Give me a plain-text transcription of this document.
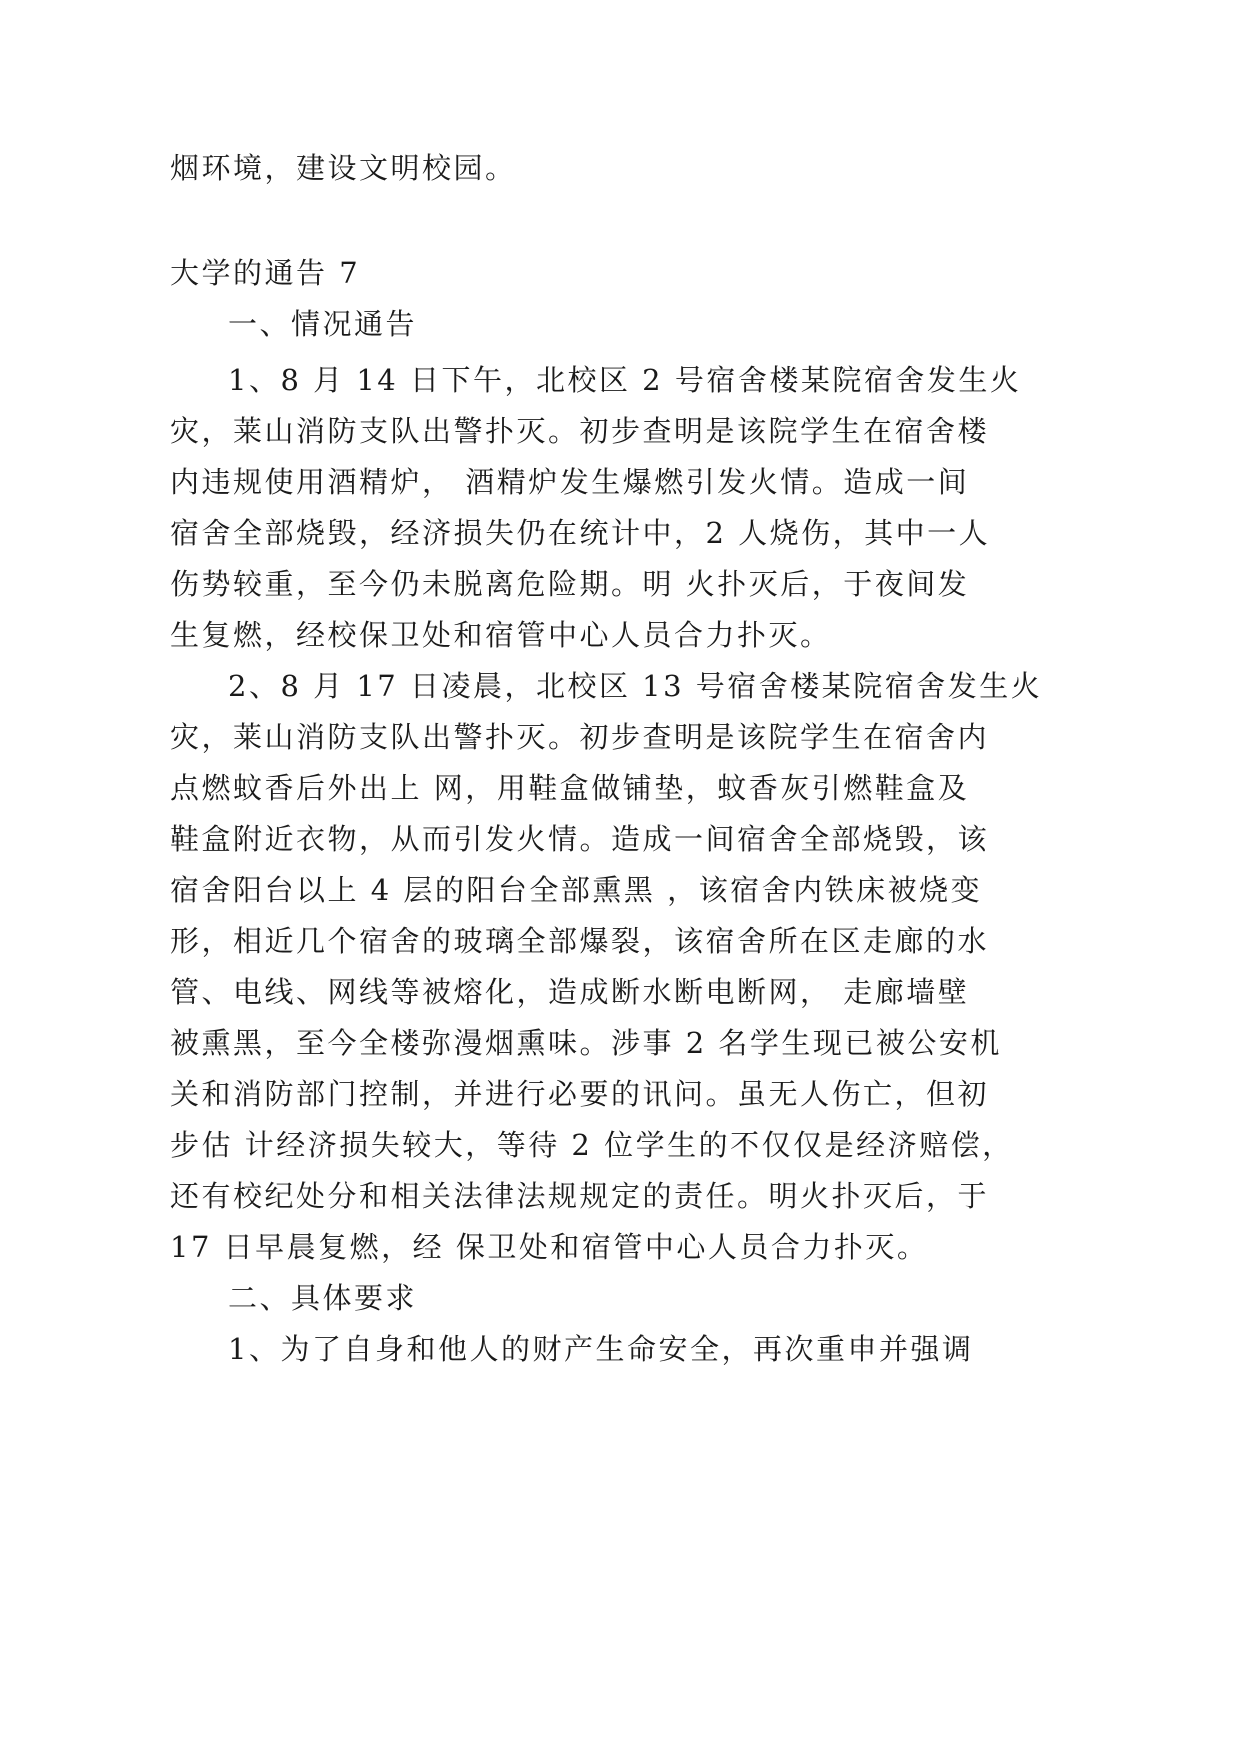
烟环境，建设文明校园。
大学的通告 7
一、情况通告
1、8 月 14 日下午，北校区 2 号宿舍楼某院宿舍发生火
灾，莱山消防支队出警扑灭。初步查明是该院学生在宿舍楼
内违规使用酒精炉， 酒精炉发生爆燃引发火情。造成一间
宿舍全部烧毁，经济损失仍在统计中，2 人烧伤，其中一人
伤势较重，至今仍未脱离危险期。明 火扑灭后，于夜间发
生复燃，经校保卫处和宿管中心人员合力扑灭。
2、8 月 17 日凌晨，北校区 13 号宿舍楼某院宿舍发生火
灾，莱山消防支队出警扑灭。初步查明是该院学生在宿舍内
点燃蚊香后外出上 网，用鞋盒做铺垫，蚊香灰引燃鞋盒及
鞋盒附近衣物，从而引发火情。造成一间宿舍全部烧毁，该
宿舍阳台以上 4 层的阳台全部熏黑 ，该宿舍内铁床被烧变
形，相近几个宿舍的玻璃全部爆裂，该宿舍所在区走廊的水
管、电线、网线等被熔化，造成断水断电断网， 走廊墙壁
被熏黑，至今全楼弥漫烟熏味。涉事 2 名学生现已被公安机
关和消防部门控制，并进行必要的讯问。虽无人伤亡，但初
步估 计经济损失较大，等待 2 位学生的不仅仅是经济赔偿，
还有校纪处分和相关法律法规规定的责任。明火扑灭后，于
17 日早晨复燃，经 保卫处和宿管中心人员合力扑灭。
二、具体要求
1、为了自身和他人的财产生命安全，再次重申并强调
